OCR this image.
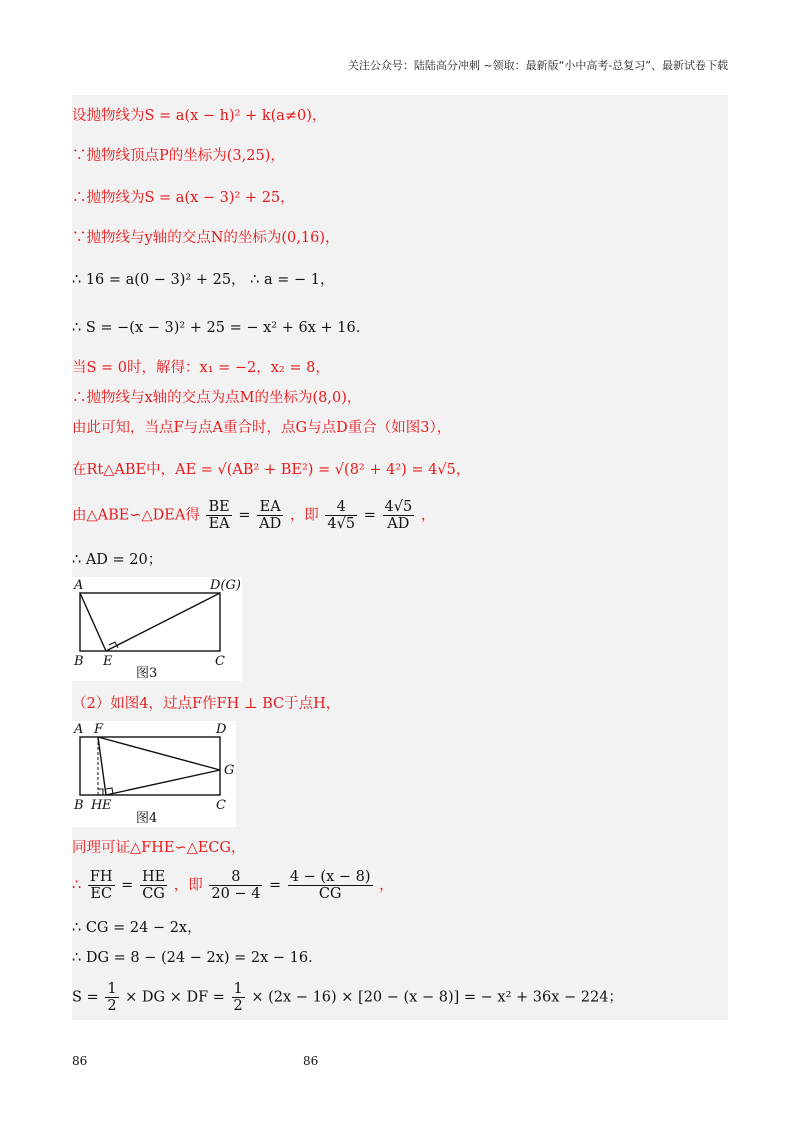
关注公众号：陆陆高分冲刺 ~领取：最新版“小中高考-总复习”、最新试卷下载
设抛物线为S = a(x − h)² + k(a≠0)，
∵抛物线顶点P的坐标为(3,25)，
∴抛物线为S = a(x − 3)² + 25，
∵抛物线与y轴的交点N的坐标为(0,16)，
∴ 16 = a(0 − 3)² + 25， ∴ a = − 1，
∴ S = −(x − 3)² + 25 = − x² + 6x + 16．
当S = 0时，解得：x₁ = −2，x₂ = 8，
∴抛物线与x轴的交点为点M的坐标为(8,0)，
由此可知，当点F与点A重合时，点G与点D重合（如图3），
在Rt△ABE中，AE = √(AB² + BE²) = √(8² + 4²) = 4√5，
由△ABE∽△DEA得 $\frac{BE}{EA} = \frac{EA}{AD}$ ，即 $\frac{4}{4√5} = \frac{4√5}{AD}$ ，
∴ AD = 20；
A	D(G)
B E	C
图3
（2）如图4，过点F作FH ⊥ BC于点H，
A F	D
G
B H E	C
图4
同理可证△FHE∽△ECG，
∴ $\frac{FH}{EC} = \frac{HE}{CG}$ ，即 $\frac{8}{20 - 4} = \frac{4 - (x - 8)}{CG}$ ，
∴ CG = 24 − 2x，
∴ DG = 8 − (24 − 2x) = 2x − 16．
$S = \frac{1}{2}$ × DG × DF = $\frac{1}{2} \times (2x - 16) \times [20 - (x - 8)]$ = − x² + 36x − 224；
86	86
